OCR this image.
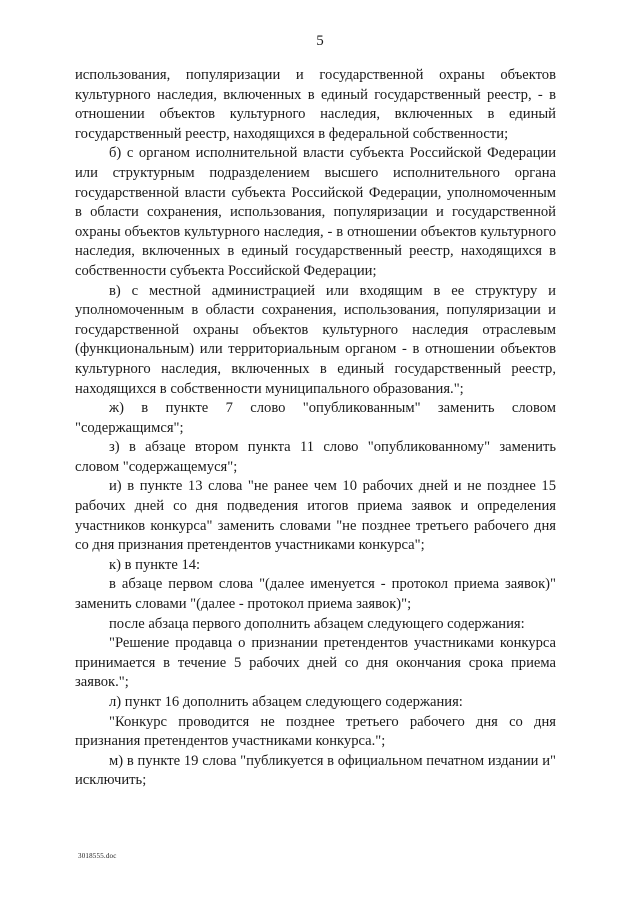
5

использования, популяризации и государственной охраны объектов культурного наследия, включенных в единый государственный реестр, - в отношении объектов культурного наследия, включенных в единый государственный реестр, находящихся в федеральной собственности;

б) с органом исполнительной власти субъекта Российской Федерации или структурным подразделением высшего исполнительного органа государственной власти субъекта Российской Федерации, уполномоченным в области сохранения, использования, популяризации и государственной охраны объектов культурного наследия, - в отношении объектов культурного наследия, включенных в единый государственный реестр, находящихся в собственности субъекта Российской Федерации;

в) с местной администрацией или входящим в ее структуру и уполномоченным в области сохранения, использования, популяризации и государственной охраны объектов культурного наследия отраслевым (функциональным) или территориальным органом - в отношении объектов культурного наследия, включенных в единый государственный реестр, находящихся в собственности муниципального образования.";

ж) в пункте 7 слово "опубликованным" заменить словом "содержащимся";

з) в абзаце втором пункта 11 слово "опубликованному" заменить словом "содержащемуся";

и) в пункте 13 слова "не ранее чем 10 рабочих дней и не позднее 15 рабочих дней со дня подведения итогов приема заявок и определения участников конкурса" заменить словами "не позднее третьего рабочего дня со дня признания претендентов участниками конкурса";

к) в пункте 14:

в абзаце первом слова "(далее именуется - протокол приема заявок)" заменить словами "(далее - протокол приема заявок)";

после абзаца первого дополнить абзацем следующего содержания:

"Решение продавца о признании претендентов участниками конкурса принимается в течение 5 рабочих дней со дня окончания срока приема заявок.";

л) пункт 16 дополнить абзацем следующего содержания:

"Конкурс проводится не позднее третьего рабочего дня со дня признания претендентов участниками конкурса.";

м) в пункте 19 слова "публикуется в официальном печатном издании и" исключить;

3018555.doc
